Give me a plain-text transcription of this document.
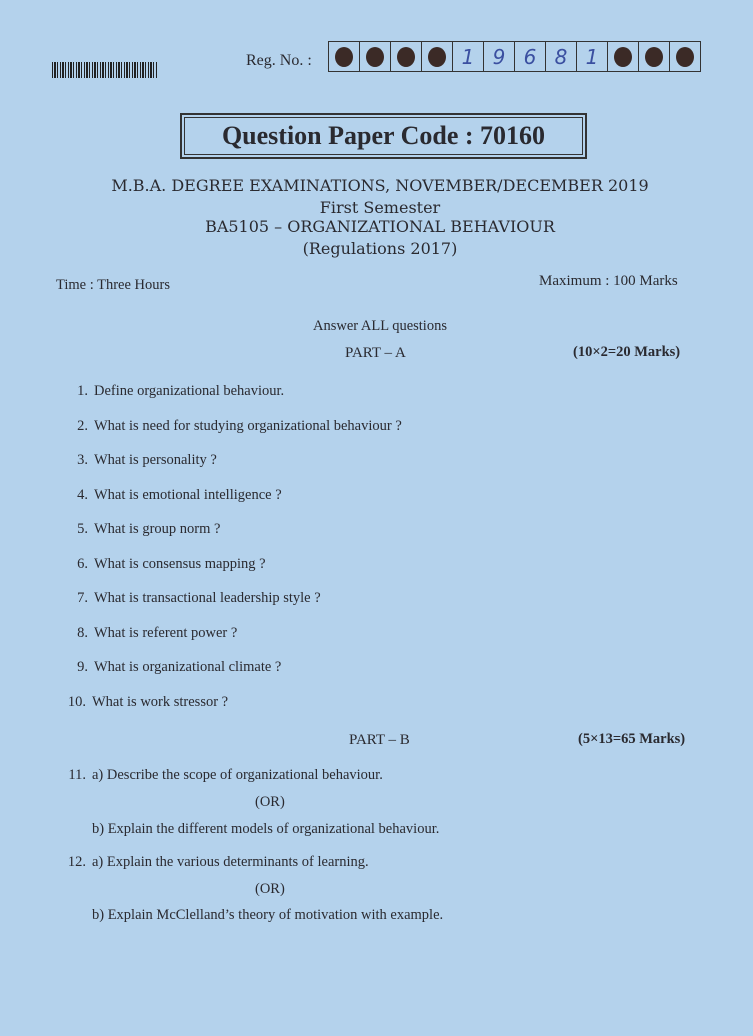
Reg. No. :	1 9 6 8 1
Question Paper Code : 70160
M.B.A. DEGREE EXAMINATIONS, NOVEMBER/DECEMBER 2019
First Semester
BA5105 – ORGANIZATIONAL BEHAVIOUR
(Regulations 2017)
Time : Three Hours	Maximum : 100 Marks
Answer ALL questions
PART – A	(10×2=20 Marks)
1. Define organizational behaviour.
2. What is need for studying organizational behaviour ?
3. What is personality ?
4. What is emotional intelligence ?
5. What is group norm ?
6. What is consensus mapping ?
7. What is transactional leadership style ?
8. What is referent power ?
9. What is organizational climate ?
10. What is work stressor ?
PART – B	(5×13=65 Marks)
11. a) Describe the scope of organizational behaviour.
(OR)
b) Explain the different models of organizational behaviour.
12. a) Explain the various determinants of learning.
(OR)
b) Explain McClelland’s theory of motivation with example.
